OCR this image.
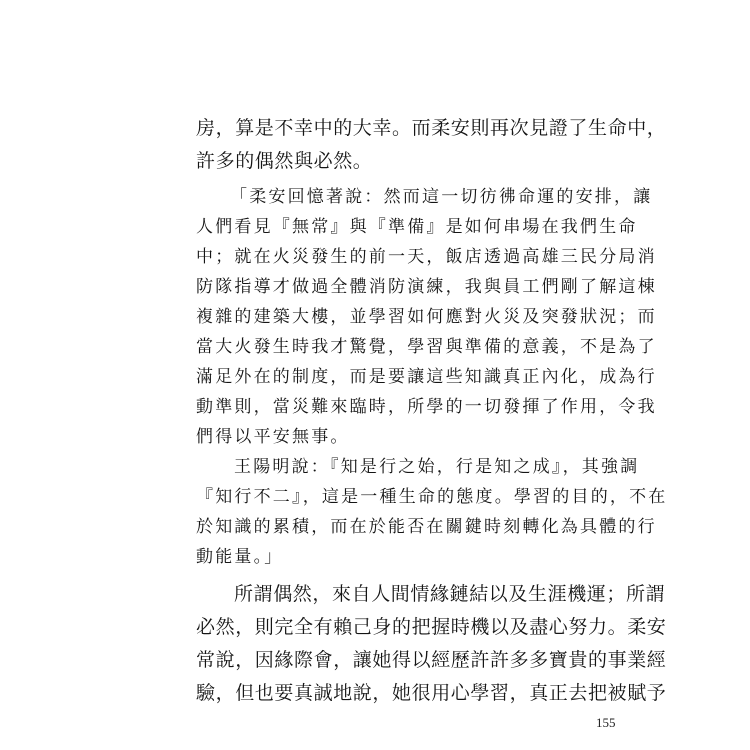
房，算是不幸中的大幸。而柔安則再次見證了生命中，
許多的偶然與必然。
「柔安回憶著說：然而這一切彷彿命運的安排，讓
人們看見『無常』與『準備』是如何串場在我們生命
中；就在火災發生的前一天，飯店透過高雄三民分局消
防隊指導才做過全體消防演練，我與員工們剛了解這棟
複雜的建築大樓，並學習如何應對火災及突發狀況；而
當大火發生時我才驚覺，學習與準備的意義，不是為了
滿足外在的制度，而是要讓這些知識真正內化，成為行
動準則，當災難來臨時，所學的一切發揮了作用，令我
們得以平安無事。
王陽明說：『知是行之始，行是知之成』，其強調
『知行不二』，這是一種生命的態度。學習的目的，不在
於知識的累積，而在於能否在關鍵時刻轉化為具體的行
動能量。」
所謂偶然，來自人間情緣鏈結以及生涯機運；所謂
必然，則完全有賴己身的把握時機以及盡心努力。柔安
常說，因緣際會，讓她得以經歷許許多多寶貴的事業經
驗，但也要真誠地說，她很用心學習，真正去把被賦予
155
